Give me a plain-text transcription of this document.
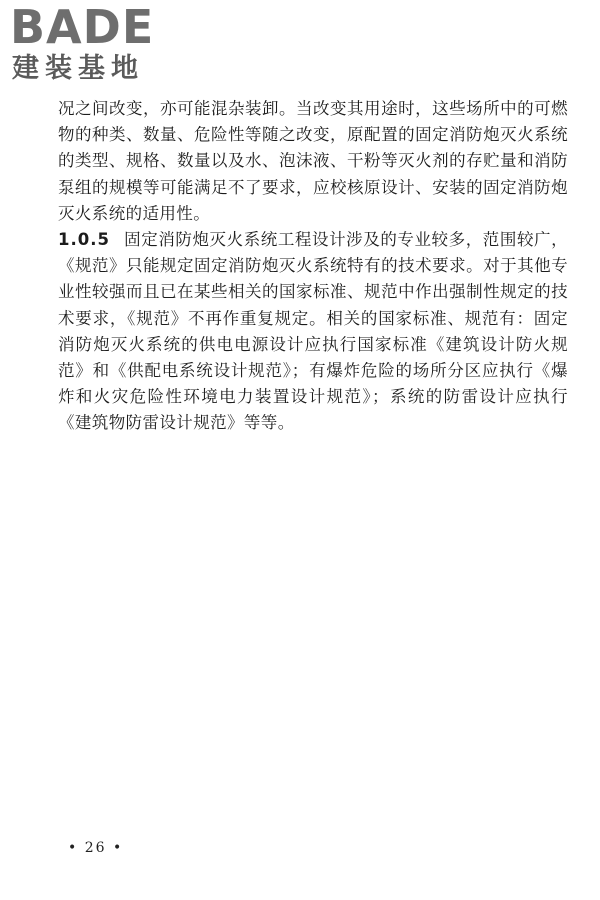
BADE
建装基地

况之间改变，亦可能混杂装卸。当改变其用途时，这些场所中的可燃物的种类、数量、危险性等随之改变，原配置的固定消防炮灭火系统的类型、规格、数量以及水、泡沫液、干粉等灭火剂的存贮量和消防泵组的规模等可能满足不了要求，应校核原设计、安装的固定消防炮灭火系统的适用性。

1.0.5 固定消防炮灭火系统工程设计涉及的专业较多，范围较广，《规范》只能规定固定消防炮灭火系统特有的技术要求。对于其他专业性较强而且已在某些相关的国家标准、规范中作出强制性规定的技术要求，《规范》不再作重复规定。相关的国家标准、规范有：固定消防炮灭火系统的供电电源设计应执行国家标准《建筑设计防火规范》和《供配电系统设计规范》；有爆炸危险的场所分区应执行《爆炸和火灾危险性环境电力装置设计规范》；系统的防雷设计应执行《建筑物防雷设计规范》等等。

• 26 •
